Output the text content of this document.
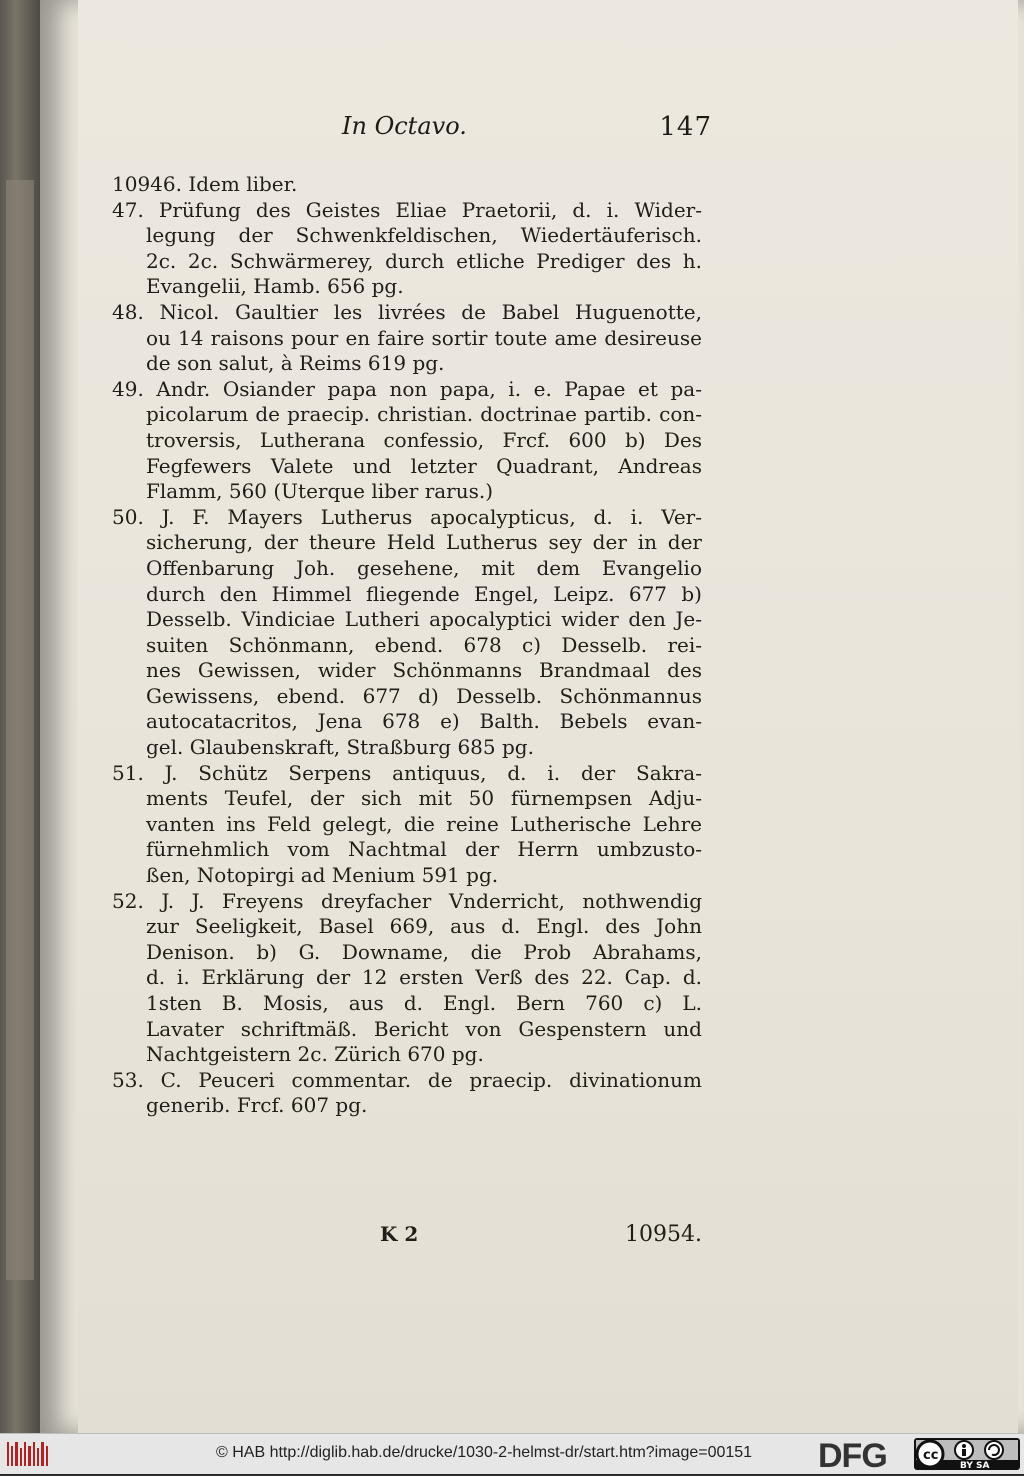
In Octavo.	147
10946. Idem liber.
47. Prüfung des Geistes Eliae Praetorii, d. i. Wider-
legung der Schwenkfeldischen, Wiedertäuferisch.
2c. 2c. Schwärmerey, durch etliche Prediger des h.
Evangelii, Hamb. 656 pg.
48. Nicol. Gaultier les livrées de Babel Huguenotte,
ou 14 raisons pour en faire sortir toute ame desireuse
de son salut, à Reims 619 pg.
49. Andr. Osiander papa non papa, i. e. Papae et pa-
picolarum de praecip. christian. doctrinae partib. con-
troversis, Lutherana confessio, Frcf. 600 b) Des
Fegfewers Valete und letzter Quadrant, Andreas
Flamm, 560 (Uterque liber rarus.)
50. J. F. Mayers Lutherus apocalypticus, d. i. Ver-
sicherung, der theure Held Lutherus sey der in der
Offenbarung Joh. gesehene, mit dem Evangelio
durch den Himmel fliegende Engel, Leipz. 677 b)
Desselb. Vindiciae Lutheri apocalyptici wider den Je-
suiten Schönmann, ebend. 678 c) Desselb. rei-
nes Gewissen, wider Schönmanns Brandmaal des
Gewissens, ebend. 677 d) Desselb. Schönmannus
autocatacritos, Jena 678 e) Balth. Bebels evan-
gel. Glaubenskraft, Straßburg 685 pg.
51. J. Schütz Serpens antiquus, d. i. der Sakra-
ments Teufel, der sich mit 50 fürnempsen Adju-
vanten ins Feld gelegt, die reine Lutherische Lehre
fürnehmlich vom Nachtmal der Herrn umbzusto-
ßen, Notopirgi ad Menium 591 pg.
52. J. J. Freyens dreyfacher Vnderricht, nothwendig
zur Seeligkeit, Basel 669, aus d. Engl. des John
Denison. b) G. Downame, die Prob Abrahams,
d. i. Erklärung der 12 ersten Verß des 22. Cap. d.
1sten B. Mosis, aus d. Engl. Bern 760 c) L.
Lavater schriftmäß. Bericht von Gespenstern und
Nachtgeistern 2c. Zürich 670 pg.
53. C. Peuceri commentar. de praecip. divinationum
generib. Frcf. 607 pg.
K 2	10954.
© HAB http://diglib.hab.de/drucke/1030-2-helmst-dr/start.htm?image=00151 DFG	cc
BY SA
